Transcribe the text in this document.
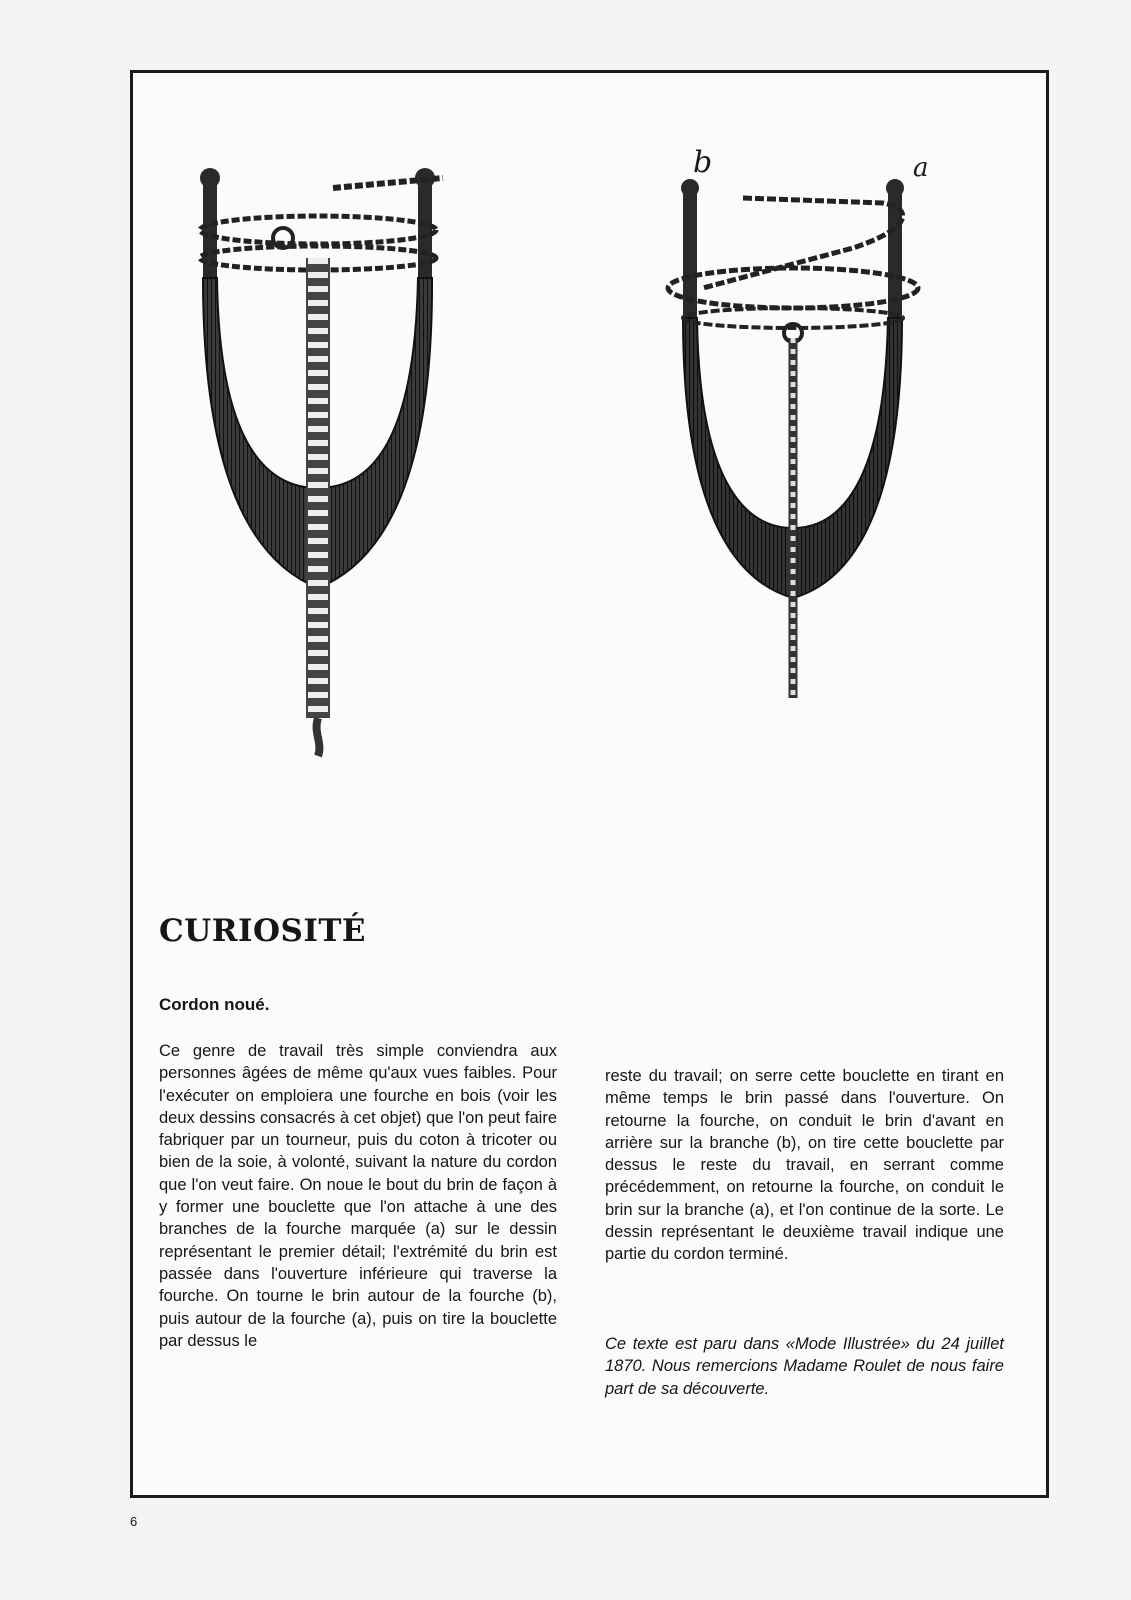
b	a
CURIOSITÉ
Cordon noué.

Ce genre de travail très simple conviendra aux personnes âgées de même qu'aux vues faibles. Pour l'exécuter on emploiera une fourche en bois (voir les deux dessins consacrés à cet objet) que l'on peut faire fabriquer par un tourneur, puis du coton à tricoter ou bien de la soie, à volonté, suivant la nature du cordon que l'on veut faire. On noue le bout du brin de façon à y former une bouclette que l'on attache à une des branches de la fourche marquée (a) sur le dessin représentant le premier détail; l'extrémité du brin est passée dans l'ouverture inférieure qui traverse la fourche. On tourne le brin autour de la fourche (b), puis autour de la fourche (a), puis on tire la bouclette par dessus le

reste du travail; on serre cette bouclette en tirant en même temps le brin passé dans l'ouverture. On retourne la fourche, on conduit le brin d'avant en arrière sur la branche (b), on tire cette bouclette par dessus le reste du travail, en serrant comme précédemment, on retourne la fourche, on conduit le brin sur la branche (a), et l'on continue de la sorte. Le dessin représentant le deuxième travail indique une partie du cordon terminé.

Ce texte est paru dans «Mode Illustrée» du 24 juillet 1870. Nous remercions Madame Roulet de nous faire part de sa découverte.

6
